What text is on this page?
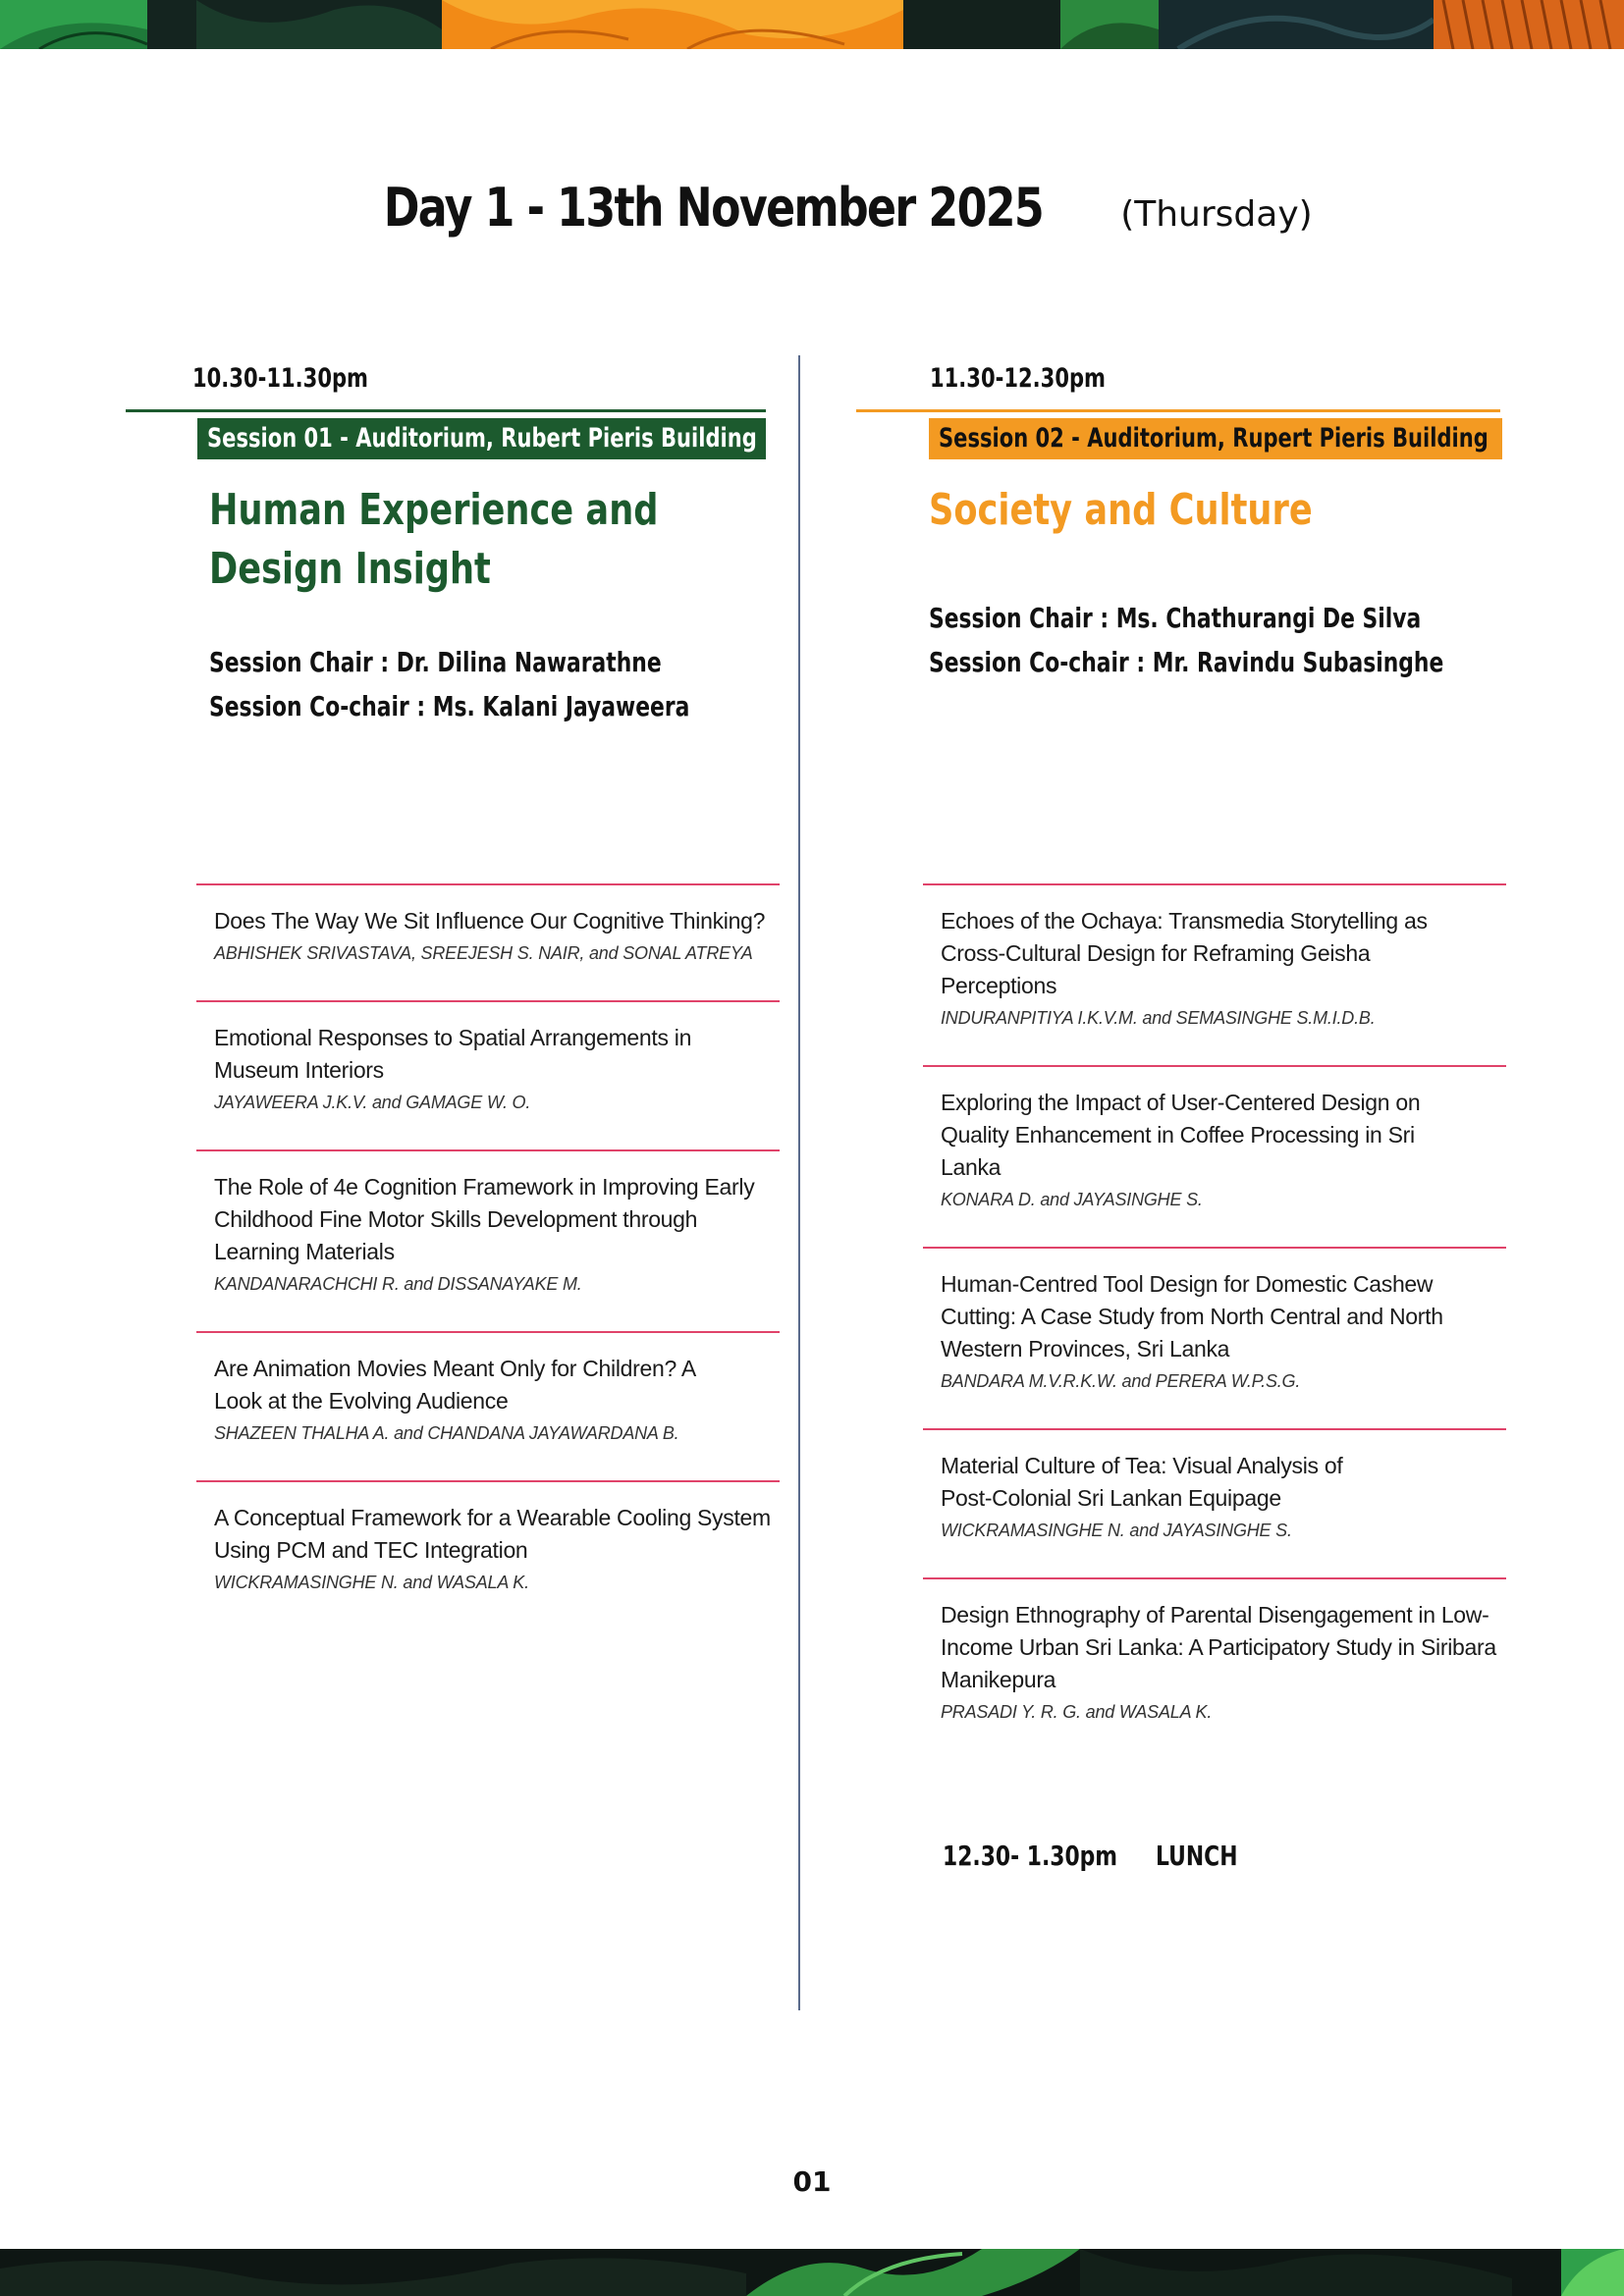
Day 1 - 13th November 2025 (Thursday)
10.30-11.30pm
Session 01 - Auditorium, Rubert Pieris Building
Human Experience and
Design Insight
Session Chair : Dr. Dilina Nawarathne
Session Co-chair : Ms. Kalani Jayaweera
Does The Way We Sit Influence Our Cognitive Thinking?
ABHISHEK SRIVASTAVA, SREEJESH S. NAIR, and SONAL ATREYA
Emotional Responses to Spatial Arrangements in Museum Interiors
JAYAWEERA J.K.V. and GAMAGE W. O.
The Role of 4e Cognition Framework in Improving Early Childhood Fine Motor Skills Development through Learning Materials
KANDANARACHCHI R. and DISSANAYAKE M.
Are Animation Movies Meant Only for Children? A Look at the Evolving Audience
SHAZEEN THALHA A. and CHANDANA JAYAWARDANA B.
A Conceptual Framework for a Wearable Cooling System Using PCM and TEC Integration
WICKRAMASINGHE N. and WASALA K.
11.30-12.30pm
Session 02 - Auditorium, Rupert Pieris Building
Society and Culture
Session Chair : Ms. Chathurangi De Silva
Session Co-chair : Mr. Ravindu Subasinghe
Echoes of the Ochaya: Transmedia Storytelling as Cross-Cultural Design for Reframing Geisha Perceptions
INDURANPITIYA I.K.V.M. and SEMASINGHE S.M.I.D.B.
Exploring the Impact of User-Centered Design on Quality Enhancement in Coffee Processing in Sri Lanka
KONARA D. and JAYASINGHE S.
Human-Centred Tool Design for Domestic Cashew Cutting: A Case Study from North Central and North Western Provinces, Sri Lanka
BANDARA M.V.R.K.W. and PERERA W.P.S.G.
Material Culture of Tea: Visual Analysis of Post-Colonial Sri Lankan Equipage
WICKRAMASINGHE N. and JAYASINGHE S.
Design Ethnography of Parental Disengagement in Low-Income Urban Sri Lanka: A Participatory Study in Siribara Manikepura
PRASADI Y. R. G. and WASALA K.
12.30- 1.30pm LUNCH
01
